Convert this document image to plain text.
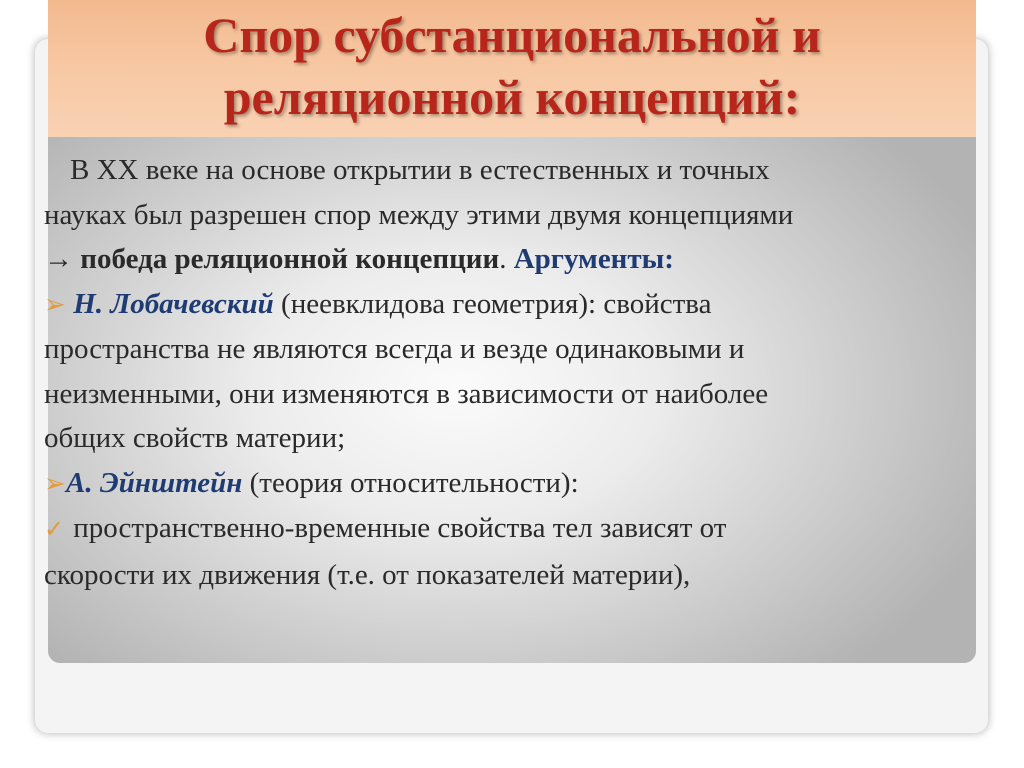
Спор субстанциональной и
реляционной концепций:

В XX веке на основе открытии в естественных и точных

науках был разрешен спор между этими двумя концепциями

→ победа реляционной концепции. Аргументы:

➢ Н. Лобачевский (неевклидова геометрия): свойства

пространства не являются всегда и везде одинаковыми и

неизменными, они изменяются в зависимости от наиболее

общих свойств материи;

➢А. Эйнштейн (теория относительности):

✓ пространственно-временные свойства тел зависят от

скорости их движения (т.е. от показателей материи),
